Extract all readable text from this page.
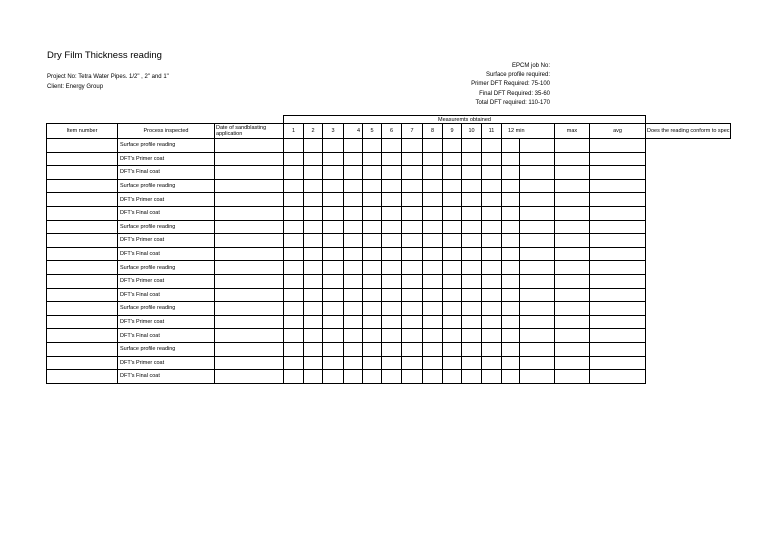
Dry Film Thickness reading
Project No: Tetra Water Pipes. 1/2" , 2" and 1"
Client: Energy Group
EPCM job No:
Surface profile required:
Primer DFT Required: 75-100
Final DFT Required: 35-60
Total DFT required: 110-170
			Measuremts obtained															
Item number	Process inspected	Date of sandblasting application	1	2	3	4	5	6	7	8	9	10	11	12 min		max	avg	Does the reading conform to spec
	Surface profile reading																	
	DFT's Primer coat																	
	DFT's Final coat																	
	Surface profile reading																	
	DFT's Primer coat																	
	DFT's Final coat																	
	Surface profile reading																	
	DFT's Primer coat																	
	DFT's Final coat																	
	Surface profile reading																	
	DFT's Primer coat																	
	DFT's Final coat																	
	Surface profile reading																	
	DFT's Primer coat																	
	DFT's Final coat																	
	Surface profile reading																	
	DFT's Primer coat																	
	DFT's Final coat																	
